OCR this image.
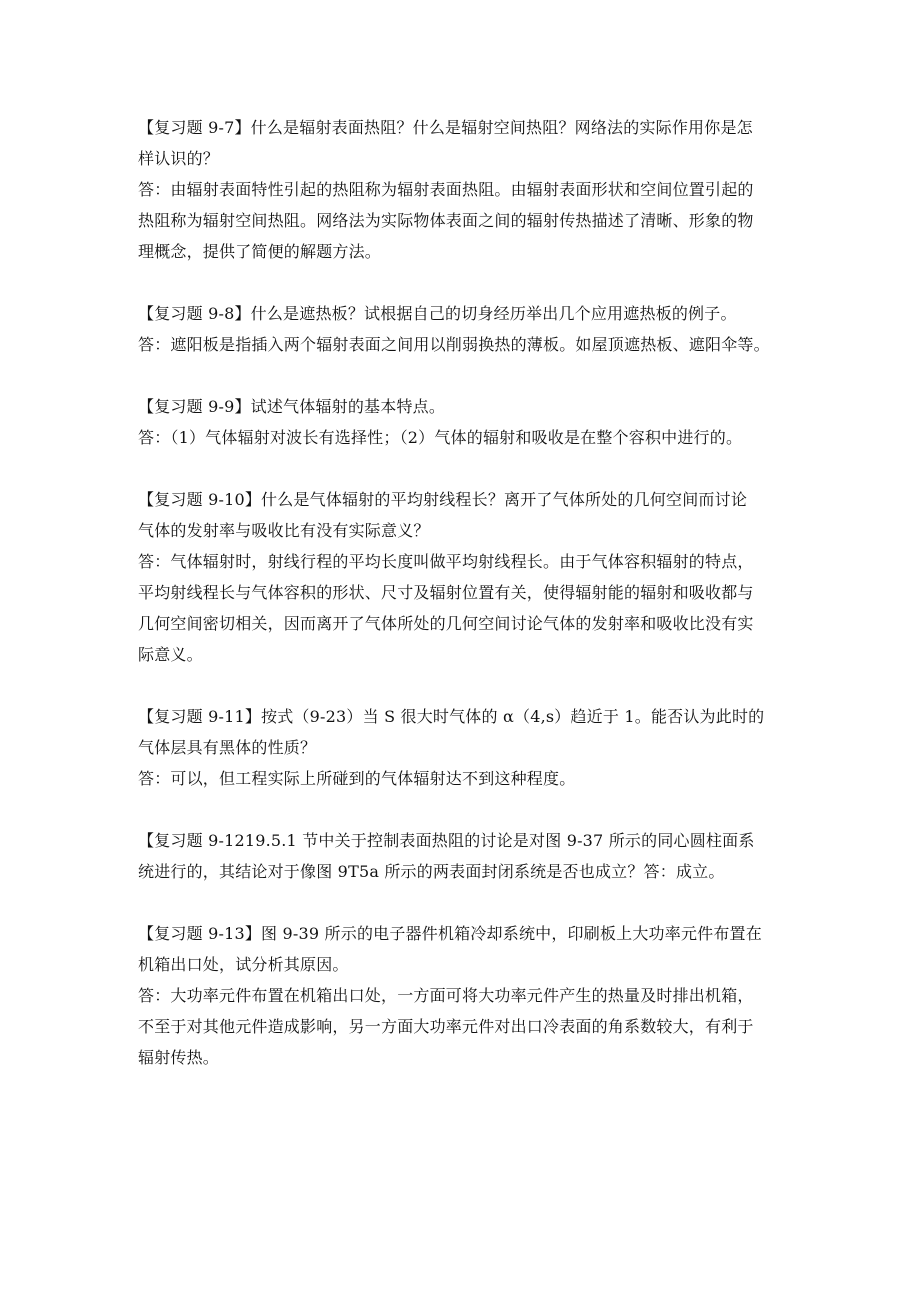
【复习题 9-7】什么是辐射表面热阻？什么是辐射空间热阻？网络法的实际作用你是怎
样认识的？
答：由辐射表面特性引起的热阻称为辐射表面热阻。由辐射表面形状和空间位置引起的
热阻称为辐射空间热阻。网络法为实际物体表面之间的辐射传热描述了清晰、形象的物
理概念，提供了简便的解题方法。
【复习题 9-8】什么是遮热板？试根据自己的切身经历举出几个应用遮热板的例子。
答：遮阳板是指插入两个辐射表面之间用以削弱换热的薄板。如屋顶遮热板、遮阳伞等。
【复习题 9-9】试述气体辐射的基本特点。
答：（1）气体辐射对波长有选择性；（2）气体的辐射和吸收是在整个容积中进行的。
【复习题 9-10】什么是气体辐射的平均射线程长？离开了气体所处的几何空间而讨论
气体的发射率与吸收比有没有实际意义？
答：气体辐射时，射线行程的平均长度叫做平均射线程长。由于气体容积辐射的特点，
平均射线程长与气体容积的形状、尺寸及辐射位置有关，使得辐射能的辐射和吸收都与
几何空间密切相关，因而离开了气体所处的几何空间讨论气体的发射率和吸收比没有实
际意义。
【复习题 9-11】按式（9-23）当 S 很大时气体的 α（4,s）趋近于 1。能否认为此时的
气体层具有黑体的性质？
答：可以，但工程实际上所碰到的气体辐射达不到这种程度。
【复习题 9-1219.5.1 节中关于控制表面热阻的讨论是对图 9-37 所示的同心圆柱面系
统进行的，其结论对于像图 9T5a 所示的两表面封闭系统是否也成立？答：成立。
【复习题 9-13】图 9-39 所示的电子器件机箱冷却系统中，印刷板上大功率元件布置在
机箱出口处，试分析其原因。
答：大功率元件布置在机箱出口处，一方面可将大功率元件产生的热量及时排出机箱，
不至于对其他元件造成影响，另一方面大功率元件对出口冷表面的角系数较大，有利于
辐射传热。
